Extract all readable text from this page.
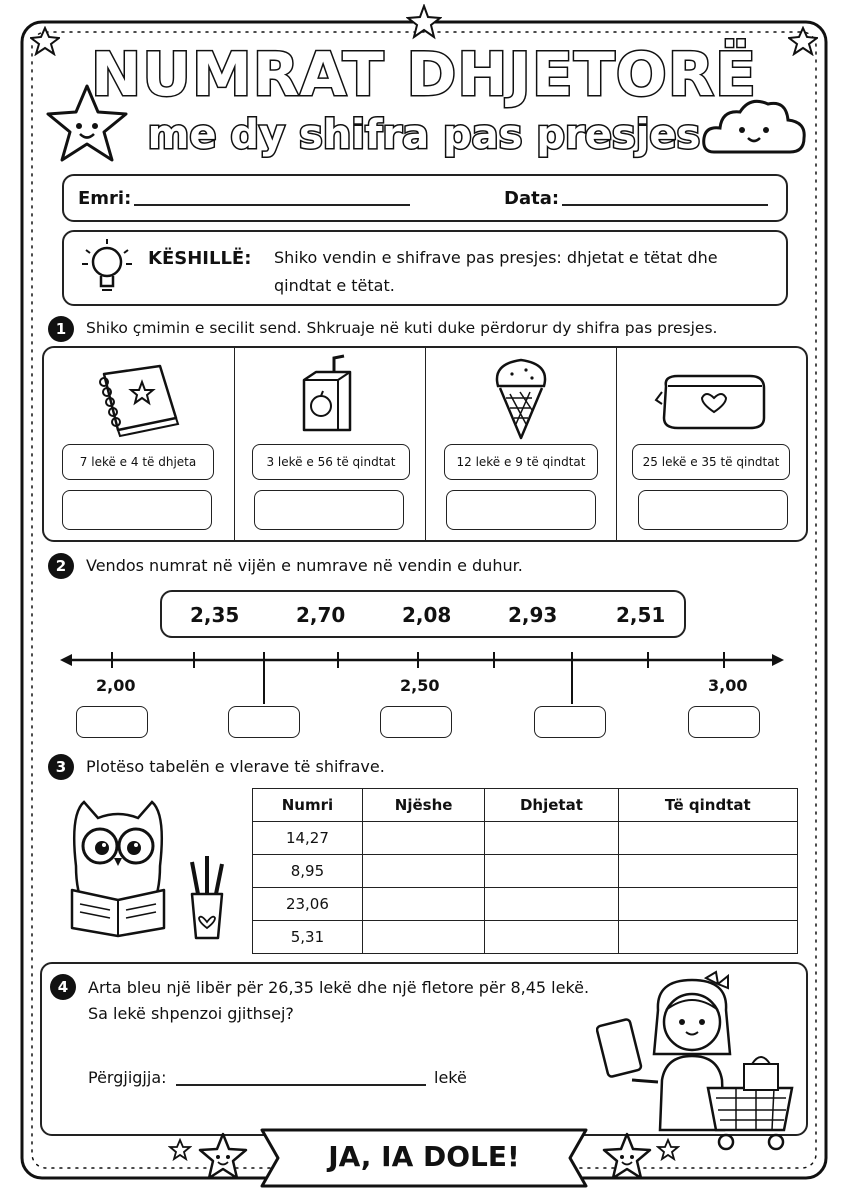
NUMRAT DHJETORË
me dy shifra pas presjes
Emri:	Data:
KËSHILLË: Shiko vendin e shifrave pas presjes: dhjetat e tëtat dhe
qindtat e tëtat.
1	Shiko çmimin e secilit send. Shkruaje në kuti duke përdorur dy shifra pas presjes.
7 lekë e 4 të dhjeta	3 lekë e 56 të qindtat	12 lekë e 9 të qindtat	25 lekë e 35 të qindtat
2	Vendos numrat në vijën e numrave në vendin e duhur.
2,35	2,70	2,08	2,93	2,51
2,00	2,50	3,00
3	Plotëso tabelën e vlerave të shifrave.
Numri	Njëshe	Dhjetat	Të qindtat
14,27			
8,95			
23,06			
5,31			
4	Arta bleu një libër për 26,35 lekë dhe një fletore për 8,45 lekë.
Sa lekë shpenzoi gjithsej?
Përgjigjja:	lekë
JA, IA DOLE!
